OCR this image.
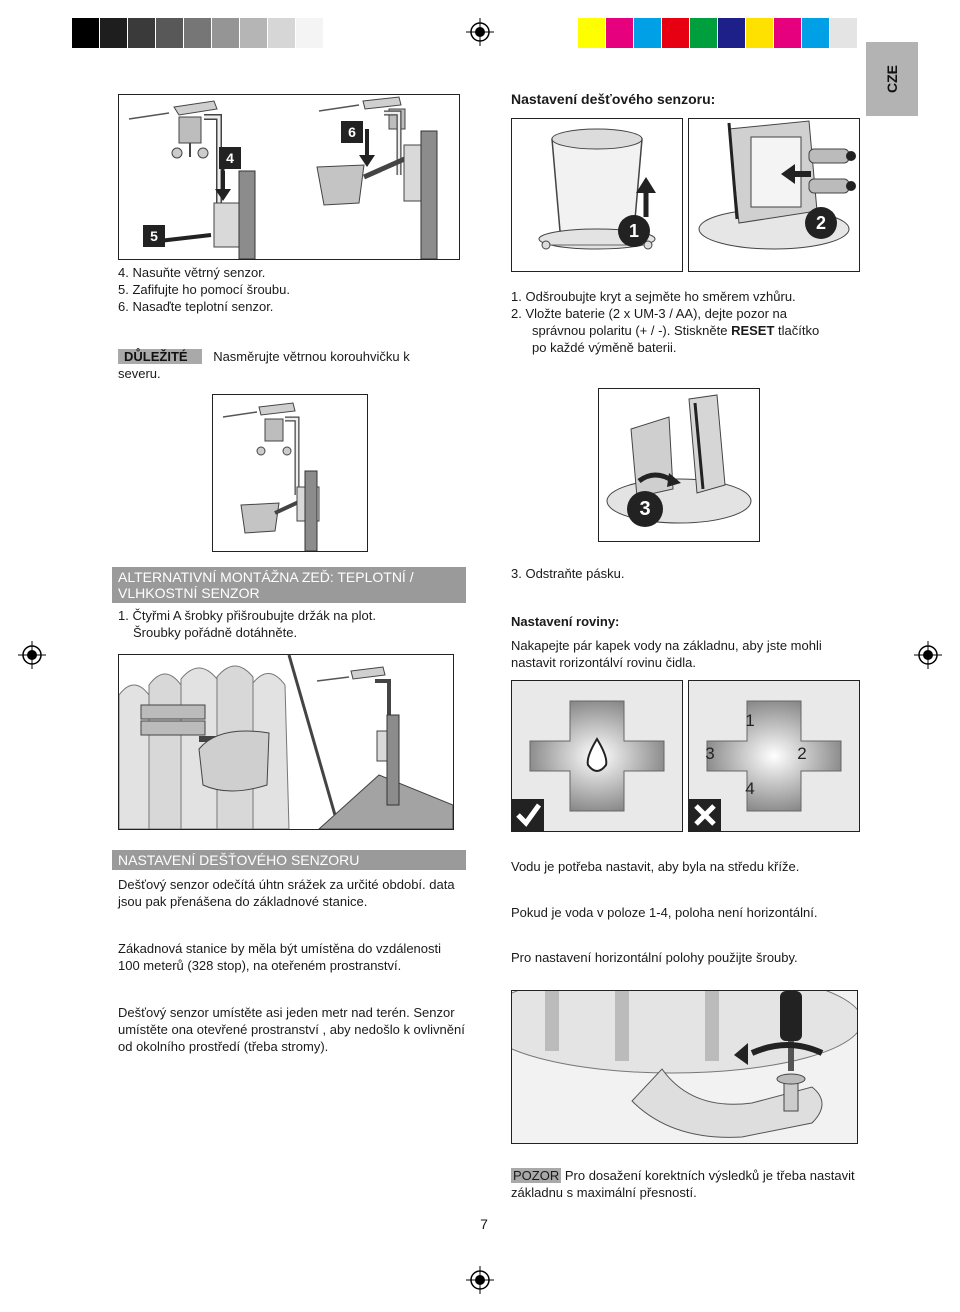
CZE
4
6
5
4. Nasuňte větrný senzor.
5. Zafifujte ho pomocí šroubu.
6. Nasaďte teplotní senzor.
DŮLEŽITÉ Nasměrujte větrnou korouhvičku k
severu.
Nastavení dešťového senzoru:
1	2
1. Odšroubujte kryt a sejměte ho směrem vzhůru.
2. Vložte baterie (2 x UM-3 / AA), dejte pozor na
správnou polaritu (+ / -). Stiskněte RESET tlačítko
po každé výměně baterii.
3
ALTERNATIVNÍ MONTÁŽNA ZEĎ: TEPLOTNÍ / VLHKOSTNÍ SENZOR
1. Čtyřmi A šrobky přišroubujte držák na plot.
Šroubky pořádně dotáhněte.
3. Odstraňte pásku.
Nastavení roviny:
Nakapejte pár kapek vody na základnu, aby jste mohli nastavit rorizontálví rovinu čidla.
1
2
3
4
NASTAVENÍ DEŠŤOVÉHO SENZORU
Dešťový senzor odečítá úhtn srážek za určité období. data jsou pak přenášena do základnové stanice.
Zákadnová stanice by měla být umístěna do vzdálenosti 100 meterů (328 stop), na oteřeném prostranství.
Dešťový senzor umístěte asi jeden metr nad terén. Senzor umístěte ona otevřené prostranství , aby nedošlo k ovlivnění od okolního prostředí (třeba stromy).
Vodu je potřeba nastavit, aby byla na středu kříže.
Pokud je voda v poloze 1-4, poloha není horizontální.
Pro nastavení horizontální polohy použijte šrouby.
POZOR Pro dosažení korektních výsledků je třeba nastavit základnu s maximální přesností.
7
